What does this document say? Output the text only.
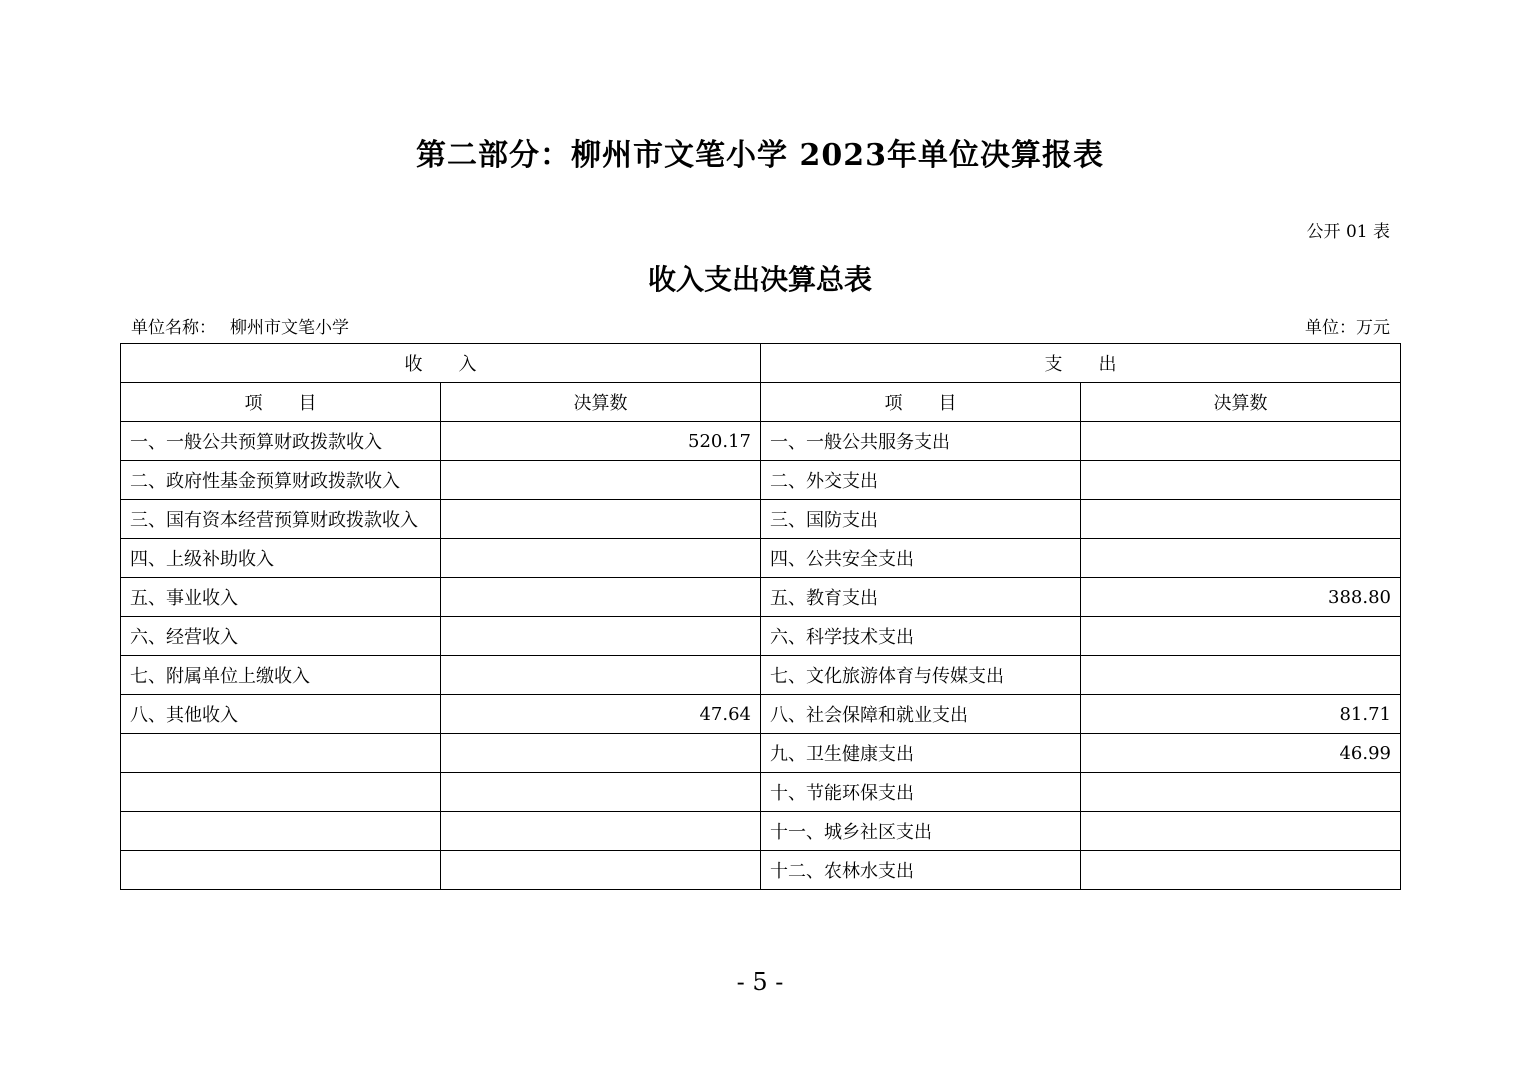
第二部分：柳州市文笔小学 2023年单位决算报表
公开 01 表
收入支出决算总表
单位名称： 柳州市文笔小学	单位：万元
收　　入		支　　出	
项　　目	决算数	项　　目	决算数
一、一般公共预算财政拨款收入	520.17	一、一般公共服务支出	
二、政府性基金预算财政拨款收入		二、外交支出	
三、国有资本经营预算财政拨款收入		三、国防支出	
四、上级补助收入		四、公共安全支出	
五、事业收入		五、教育支出	388.80
六、经营收入		六、科学技术支出	
七、附属单位上缴收入		七、文化旅游体育与传媒支出	
八、其他收入	47.64	八、社会保障和就业支出	81.71
		九、卫生健康支出	46.99
		十、节能环保支出	
		十一、城乡社区支出	
		十二、农林水支出	
- 5 -
